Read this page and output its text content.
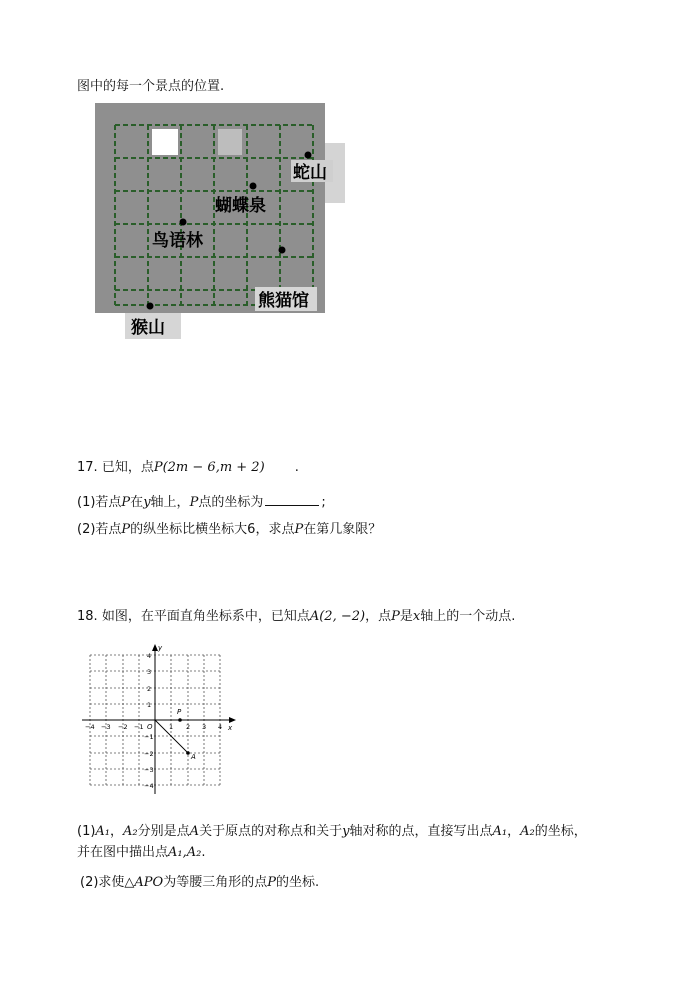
图中的每一个景点的位置.
蛇山
蝴蝶泉
鸟语林
熊猫馆
猴山
17. 已知，点P(2m − 6,m + 2) .
(1)若点P在y轴上，P点的坐标为	;
(2)若点P的纵坐标比横坐标大6，求点P在第几象限？
18. 如图，在平面直角坐标系中，已知点A(2, −2)，点P是x轴上的一个动点.
y
x
O
−4 −3 −2 −1	1 2 3 4
4
3
2
1
−1
−2
−3
−4
A
P
(1)A₁，A₂分别是点A关于原点的对称点和关于y轴对称的点，直接写出点A₁，A₂的坐标，
并在图中描出点A₁,A₂.
(2)求使△APO为等腰三角形的点P的坐标.
